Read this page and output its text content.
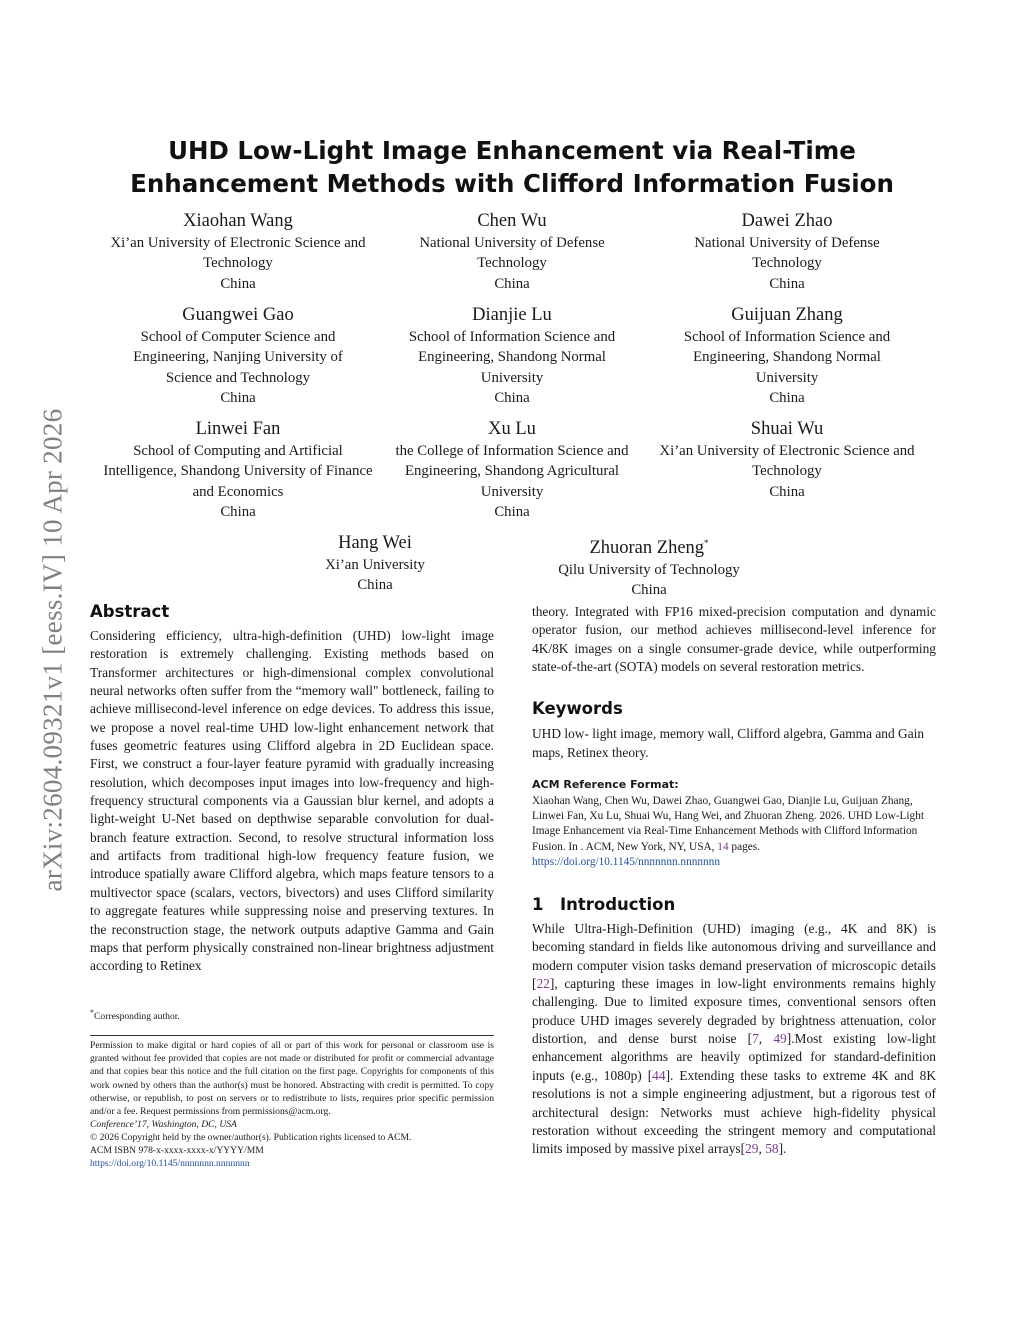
arXiv:2604.09321v1 [eess.IV] 10 Apr 2026
UHD Low-Light Image Enhancement via Real-Time Enhancement Methods with Clifford Information Fusion
Xiaohan Wang
Xi’an University of Electronic Science and Technology
China
Chen Wu
National University of Defense Technology
China
Dawei Zhao
National University of Defense Technology
China
Guangwei Gao
School of Computer Science and Engineering, Nanjing University of Science and Technology
China
Dianjie Lu
School of Information Science and Engineering, Shandong Normal University
China
Guijuan Zhang
School of Information Science and Engineering, Shandong Normal University
China
Linwei Fan
School of Computing and Artificial Intelligence, Shandong University of Finance and Economics
China
Xu Lu
the College of Information Science and Engineering, Shandong Agricultural University
China
Shuai Wu
Xi’an University of Electronic Science and Technology
China
Hang Wei
Xi’an University
China
Zhuoran Zheng*
Qilu University of Technology
China
Abstract

Considering efficiency, ultra-high-definition (UHD) low-light image restoration is extremely challenging. Existing methods based on Transformer architectures or high-dimensional complex convolutional neural networks often suffer from the “memory wall" bottleneck, failing to achieve millisecond-level inference on edge devices. To address this issue, we propose a novel real-time UHD low-light enhancement network that fuses geometric features using Clifford algebra in 2D Euclidean space. First, we construct a four-layer feature pyramid with gradually increasing resolution, which decomposes input images into low-frequency and high-frequency structural components via a Gaussian blur kernel, and adopts a light-weight U-Net based on depthwise separable convolution for dual-branch feature extraction. Second, to resolve structural information loss and artifacts from traditional high-low frequency feature fusion, we introduce spatially aware Clifford algebra, which maps feature tensors to a multivector space (scalars, vectors, bivectors) and uses Clifford similarity to aggregate features while suppressing noise and preserving textures. In the reconstruction stage, the network outputs adaptive Gamma and Gain maps that perform physically constrained non-linear brightness adjustment according to Retinex

*Corresponding author.
Permission to make digital or hard copies of all or part of this work for personal or classroom use is granted without fee provided that copies are not made or distributed for profit or commercial advantage and that copies bear this notice and the full citation on the first page. Copyrights for components of this work owned by others than the author(s) must be honored. Abstracting with credit is permitted. To copy otherwise, or republish, to post on servers or to redistribute to lists, requires prior specific permission and/or a fee. Request permissions from permissions@acm.org.
Conference’17, Washington, DC, USA
© 2026 Copyright held by the owner/author(s). Publication rights licensed to ACM.
ACM ISBN 978-x-xxxx-xxxx-x/YYYY/MM
https://doi.org/10.1145/nnnnnnn.nnnnnnn

theory. Integrated with FP16 mixed-precision computation and dynamic operator fusion, our method achieves millisecond-level inference for 4K/8K images on a single consumer-grade device, while outperforming state-of-the-art (SOTA) models on several restoration metrics.

Keywords

UHD low- light image, memory wall, Clifford algebra, Gamma and Gain maps, Retinex theory.

ACM Reference Format:

Xiaohan Wang, Chen Wu, Dawei Zhao, Guangwei Gao, Dianjie Lu, Guijuan Zhang, Linwei Fan, Xu Lu, Shuai Wu, Hang Wei, and Zhuoran Zheng. 2026. UHD Low-Light Image Enhancement via Real-Time Enhancement Methods with Clifford Information Fusion. In . ACM, New York, NY, USA, 14 pages.
https://doi.org/10.1145/nnnnnnn.nnnnnnn

1 Introduction

While Ultra-High-Definition (UHD) imaging (e.g., 4K and 8K) is becoming standard in fields like autonomous driving and surveillance and modern computer vision tasks demand preservation of microscopic details [22], capturing these images in low-light environments remains highly challenging. Due to limited exposure times, conventional sensors often produce UHD images severely degraded by brightness attenuation, color distortion, and dense burst noise [7, 49].Most existing low-light enhancement algorithms are heavily optimized for standard-definition inputs (e.g., 1080p) [44]. Extending these tasks to extreme 4K and 8K resolutions is not a simple engineering adjustment, but a rigorous test of architectural design: Networks must achieve high-fidelity physical restoration without exceeding the stringent memory and computational limits imposed by massive pixel arrays[29, 58].
